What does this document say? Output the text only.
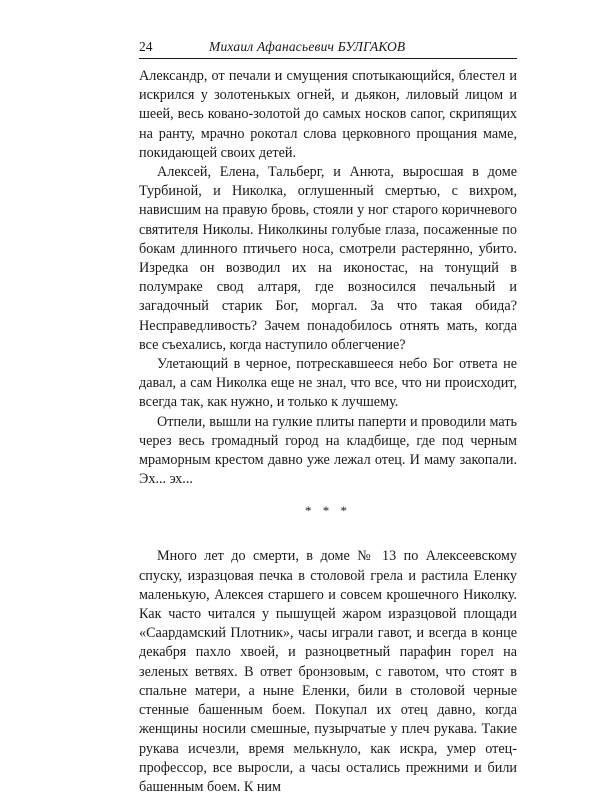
24	Михаил Афанасьевич БУЛГАКОВ

Александр, от печали и смущения спотыкающийся, блестел и искрился у золотенькых огней, и дьякон, лиловый лицом и шеей, весь ковано-золотой до самых носков сапог, скрипящих на ранту, мрачно рокотал слова церковного прощания маме, покидающей своих детей.

Алексей, Елена, Тальберг, и Анюта, выросшая в доме Турбиной, и Николка, оглушенный смертью, с вихром, нависшим на правую бровь, стояли у ног старого коричневого святителя Николы. Николкины голубые глаза, посаженные по бокам длинного птичьего носа, смотрели растерянно, убито. Изредка он возводил их на иконостас, на тонущий в полумраке свод алтаря, где возносился печальный и загадочный старик Бог, моргал. За что такая обида? Несправедливость? Зачем понадобилось отнять мать, когда все съехались, когда наступило облегчение?

Улетающий в черное, потрескавшееся небо Бог ответа не давал, а сам Николка еще не знал, что все, что ни происходит, всегда так, как нужно, и только к лучшему.

Отпели, вышли на гулкие плиты паперти и проводили мать через весь громадный город на кладбище, где под черным мраморным крестом давно уже лежал отец. И маму закопали. Эх... эх...

* * *

Много лет до смерти, в доме № 13 по Алексеевскому спуску, изразцовая печка в столовой грела и растила Еленку маленькую, Алексея старшего и совсем крошечного Николку. Как часто читался у пышущей жаром изразцовой площади «Саардамский Плотник», часы играли гавот, и всегда в конце декабря пахло хвоей, и разноцветный парафин горел на зеленых ветвях. В ответ бронзовым, с гавотом, что стоят в спальне матери, а ныне Еленки, били в столовой черные стенные башенным боем. Покупал их отец давно, когда женщины носили смешные, пузырчатые у плеч рукава. Такие рукава исчезли, время мелькнуло, как искра, умер отец-профессор, все выросли, а часы остались прежними и били башенным боем. К ним
